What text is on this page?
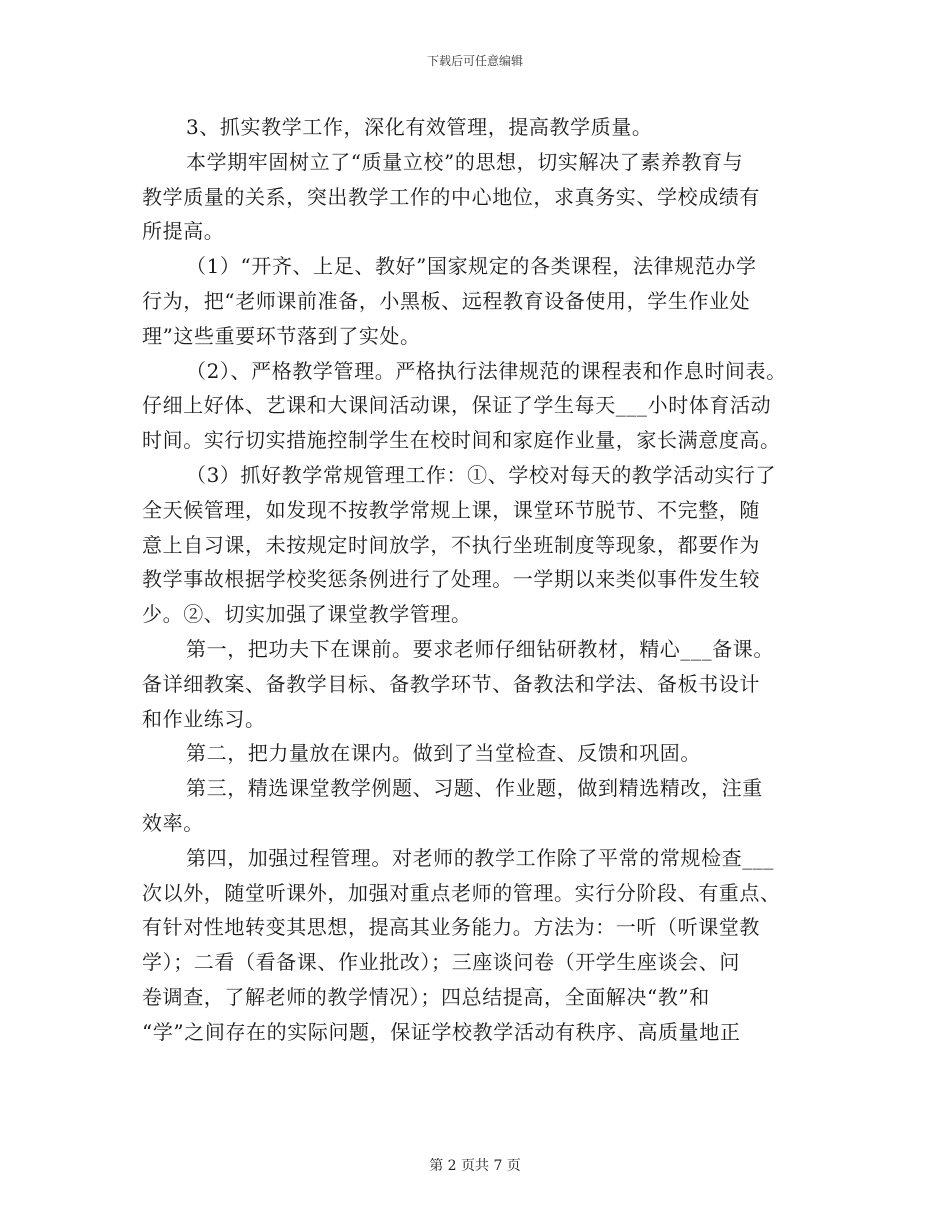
下载后可任意编辑
3、抓实教学工作，深化有效管理，提高教学质量。
本学期牢固树立了“质量立校”的思想，切实解决了素养教育与
教学质量的关系，突出教学工作的中心地位，求真务实、学校成绩有
所提高。
（1）“开齐、上足、教好”国家规定的各类课程，法律规范办学
行为，把“老师课前准备，小黑板、远程教育设备使用，学生作业处
理”这些重要环节落到了实处。
（2）、严格教学管理。严格执行法律规范的课程表和作息时间表。
仔细上好体、艺课和大课间活动课，保证了学生每天___小时体育活动
时间。实行切实措施控制学生在校时间和家庭作业量，家长满意度高。
（3）抓好教学常规管理工作：①、学校对每天的教学活动实行了
全天候管理，如发现不按教学常规上课，课堂环节脱节、不完整，随
意上自习课，未按规定时间放学，不执行坐班制度等现象，都要作为
教学事故根据学校奖惩条例进行了处理。一学期以来类似事件发生较
少。②、切实加强了课堂教学管理。
第一，把功夫下在课前。要求老师仔细钻研教材，精心___备课。
备详细教案、备教学目标、备教学环节、备教法和学法、备板书设计
和作业练习。
第二，把力量放在课内。做到了当堂检查、反馈和巩固。
第三，精选课堂教学例题、习题、作业题，做到精选精改，注重
效率。
第四，加强过程管理。对老师的教学工作除了平常的常规检查___
次以外，随堂听课外，加强对重点老师的管理。实行分阶段、有重点、
有针对性地转变其思想，提高其业务能力。方法为：一听（听课堂教
学）；二看（看备课、作业批改）；三座谈问卷（开学生座谈会、问
卷调查，了解老师的教学情况）；四总结提高，全面解决“教”和
“学”之间存在的实际问题，保证学校教学活动有秩序、高质量地正
第 2 页共 7 页
